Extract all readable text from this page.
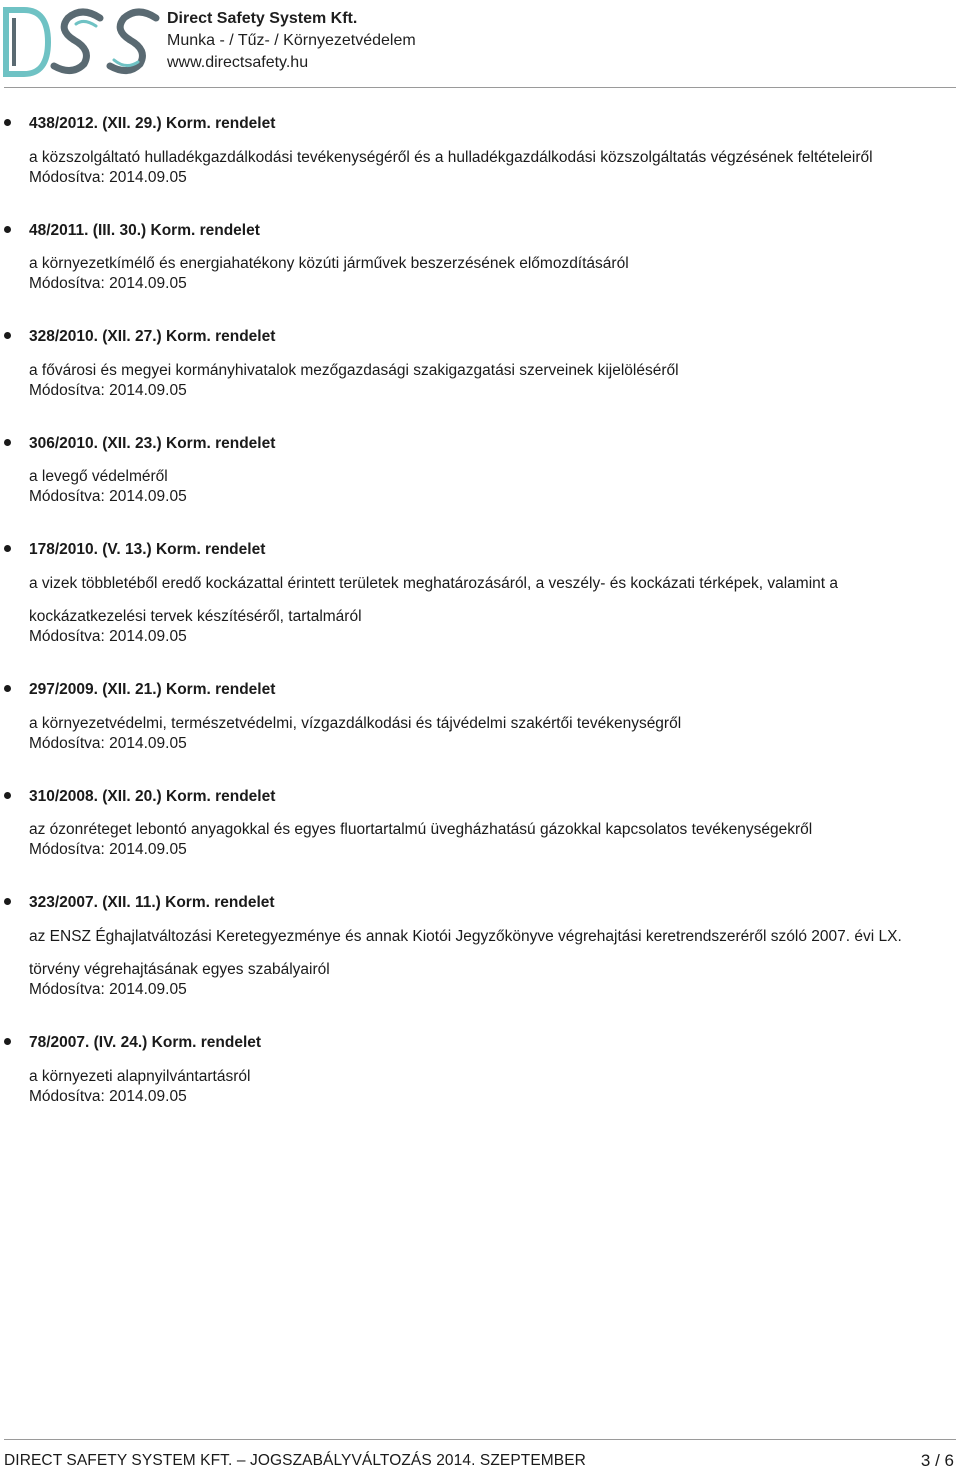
Direct Safety System Kft.
Munka - / Tűz- / Környezetvédelem
www.directsafety.hu
438/2012. (XII. 29.) Korm. rendelet
a közszolgáltató hulladékgazdálkodási tevékenységéről és a hulladékgazdálkodási közszolgáltatás végzésének feltételeiről
Módosítva: 2014.09.05
48/2011. (III. 30.) Korm. rendelet
a környezetkímélő és energiahatékony közúti járművek beszerzésének előmozdításáról
Módosítva: 2014.09.05
328/2010. (XII. 27.) Korm. rendelet
a fővárosi és megyei kormányhivatalok mezőgazdasági szakigazgatási szerveinek kijelöléséről
Módosítva: 2014.09.05
306/2010. (XII. 23.) Korm. rendelet
a levegő védelméről
Módosítva: 2014.09.05
178/2010. (V. 13.) Korm. rendelet
a vizek többletéből eredő kockázattal érintett területek meghatározásáról, a veszély- és kockázati térképek, valamint a kockázatkezelési tervek készítéséről, tartalmáról
Módosítva: 2014.09.05
297/2009. (XII. 21.) Korm. rendelet
a környezetvédelmi, természetvédelmi, vízgazdálkodási és tájvédelmi szakértői tevékenységről
Módosítva: 2014.09.05
310/2008. (XII. 20.) Korm. rendelet
az ózonréteget lebontó anyagokkal és egyes fluortartalmú üvegházhatású gázokkal kapcsolatos tevékenységekről
Módosítva: 2014.09.05
323/2007. (XII. 11.) Korm. rendelet
az ENSZ Éghajlatváltozási Keretegyezménye és annak Kiotói Jegyzőkönyve végrehajtási keretrendszeréről szóló 2007. évi LX. törvény végrehajtásának egyes szabályairól
Módosítva: 2014.09.05
78/2007. (IV. 24.) Korm. rendelet
a környezeti alapnyilvántartásról
Módosítva: 2014.09.05
DIRECT SAFETY SYSTEM KFT. – JOGSZABÁLYVÁLTOZÁS 2014. SZEPTEMBER	3 / 6
